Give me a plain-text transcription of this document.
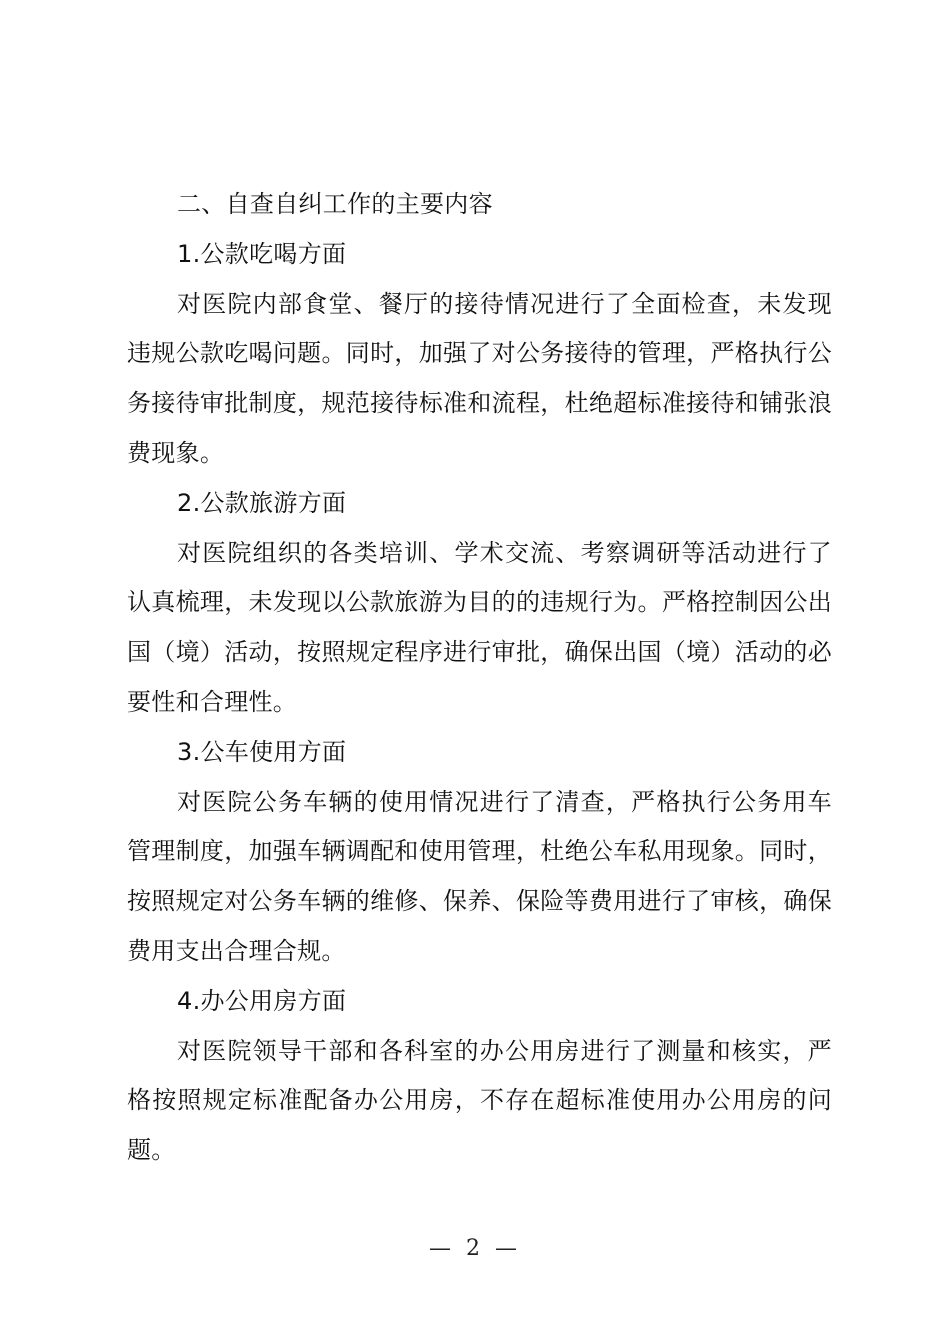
二、自查自纠工作的主要内容

1.公款吃喝方面

对医院内部食堂、餐厅的接待情况进行了全面检查，未发现违规公款吃喝问题。同时，加强了对公务接待的管理，严格执行公务接待审批制度，规范接待标准和流程，杜绝超标准接待和铺张浪费现象。

2.公款旅游方面

对医院组织的各类培训、学术交流、考察调研等活动进行了认真梳理，未发现以公款旅游为目的的违规行为。严格控制因公出国（境）活动，按照规定程序进行审批，确保出国（境）活动的必要性和合理性。

3.公车使用方面

对医院公务车辆的使用情况进行了清查，严格执行公务用车管理制度，加强车辆调配和使用管理，杜绝公车私用现象。同时，按照规定对公务车辆的维修、保养、保险等费用进行了审核，确保费用支出合理合规。

4.办公用房方面

对医院领导干部和各科室的办公用房进行了测量和核实，严格按照规定标准配备办公用房，不存在超标准使用办公用房的问题。

— 2 —
